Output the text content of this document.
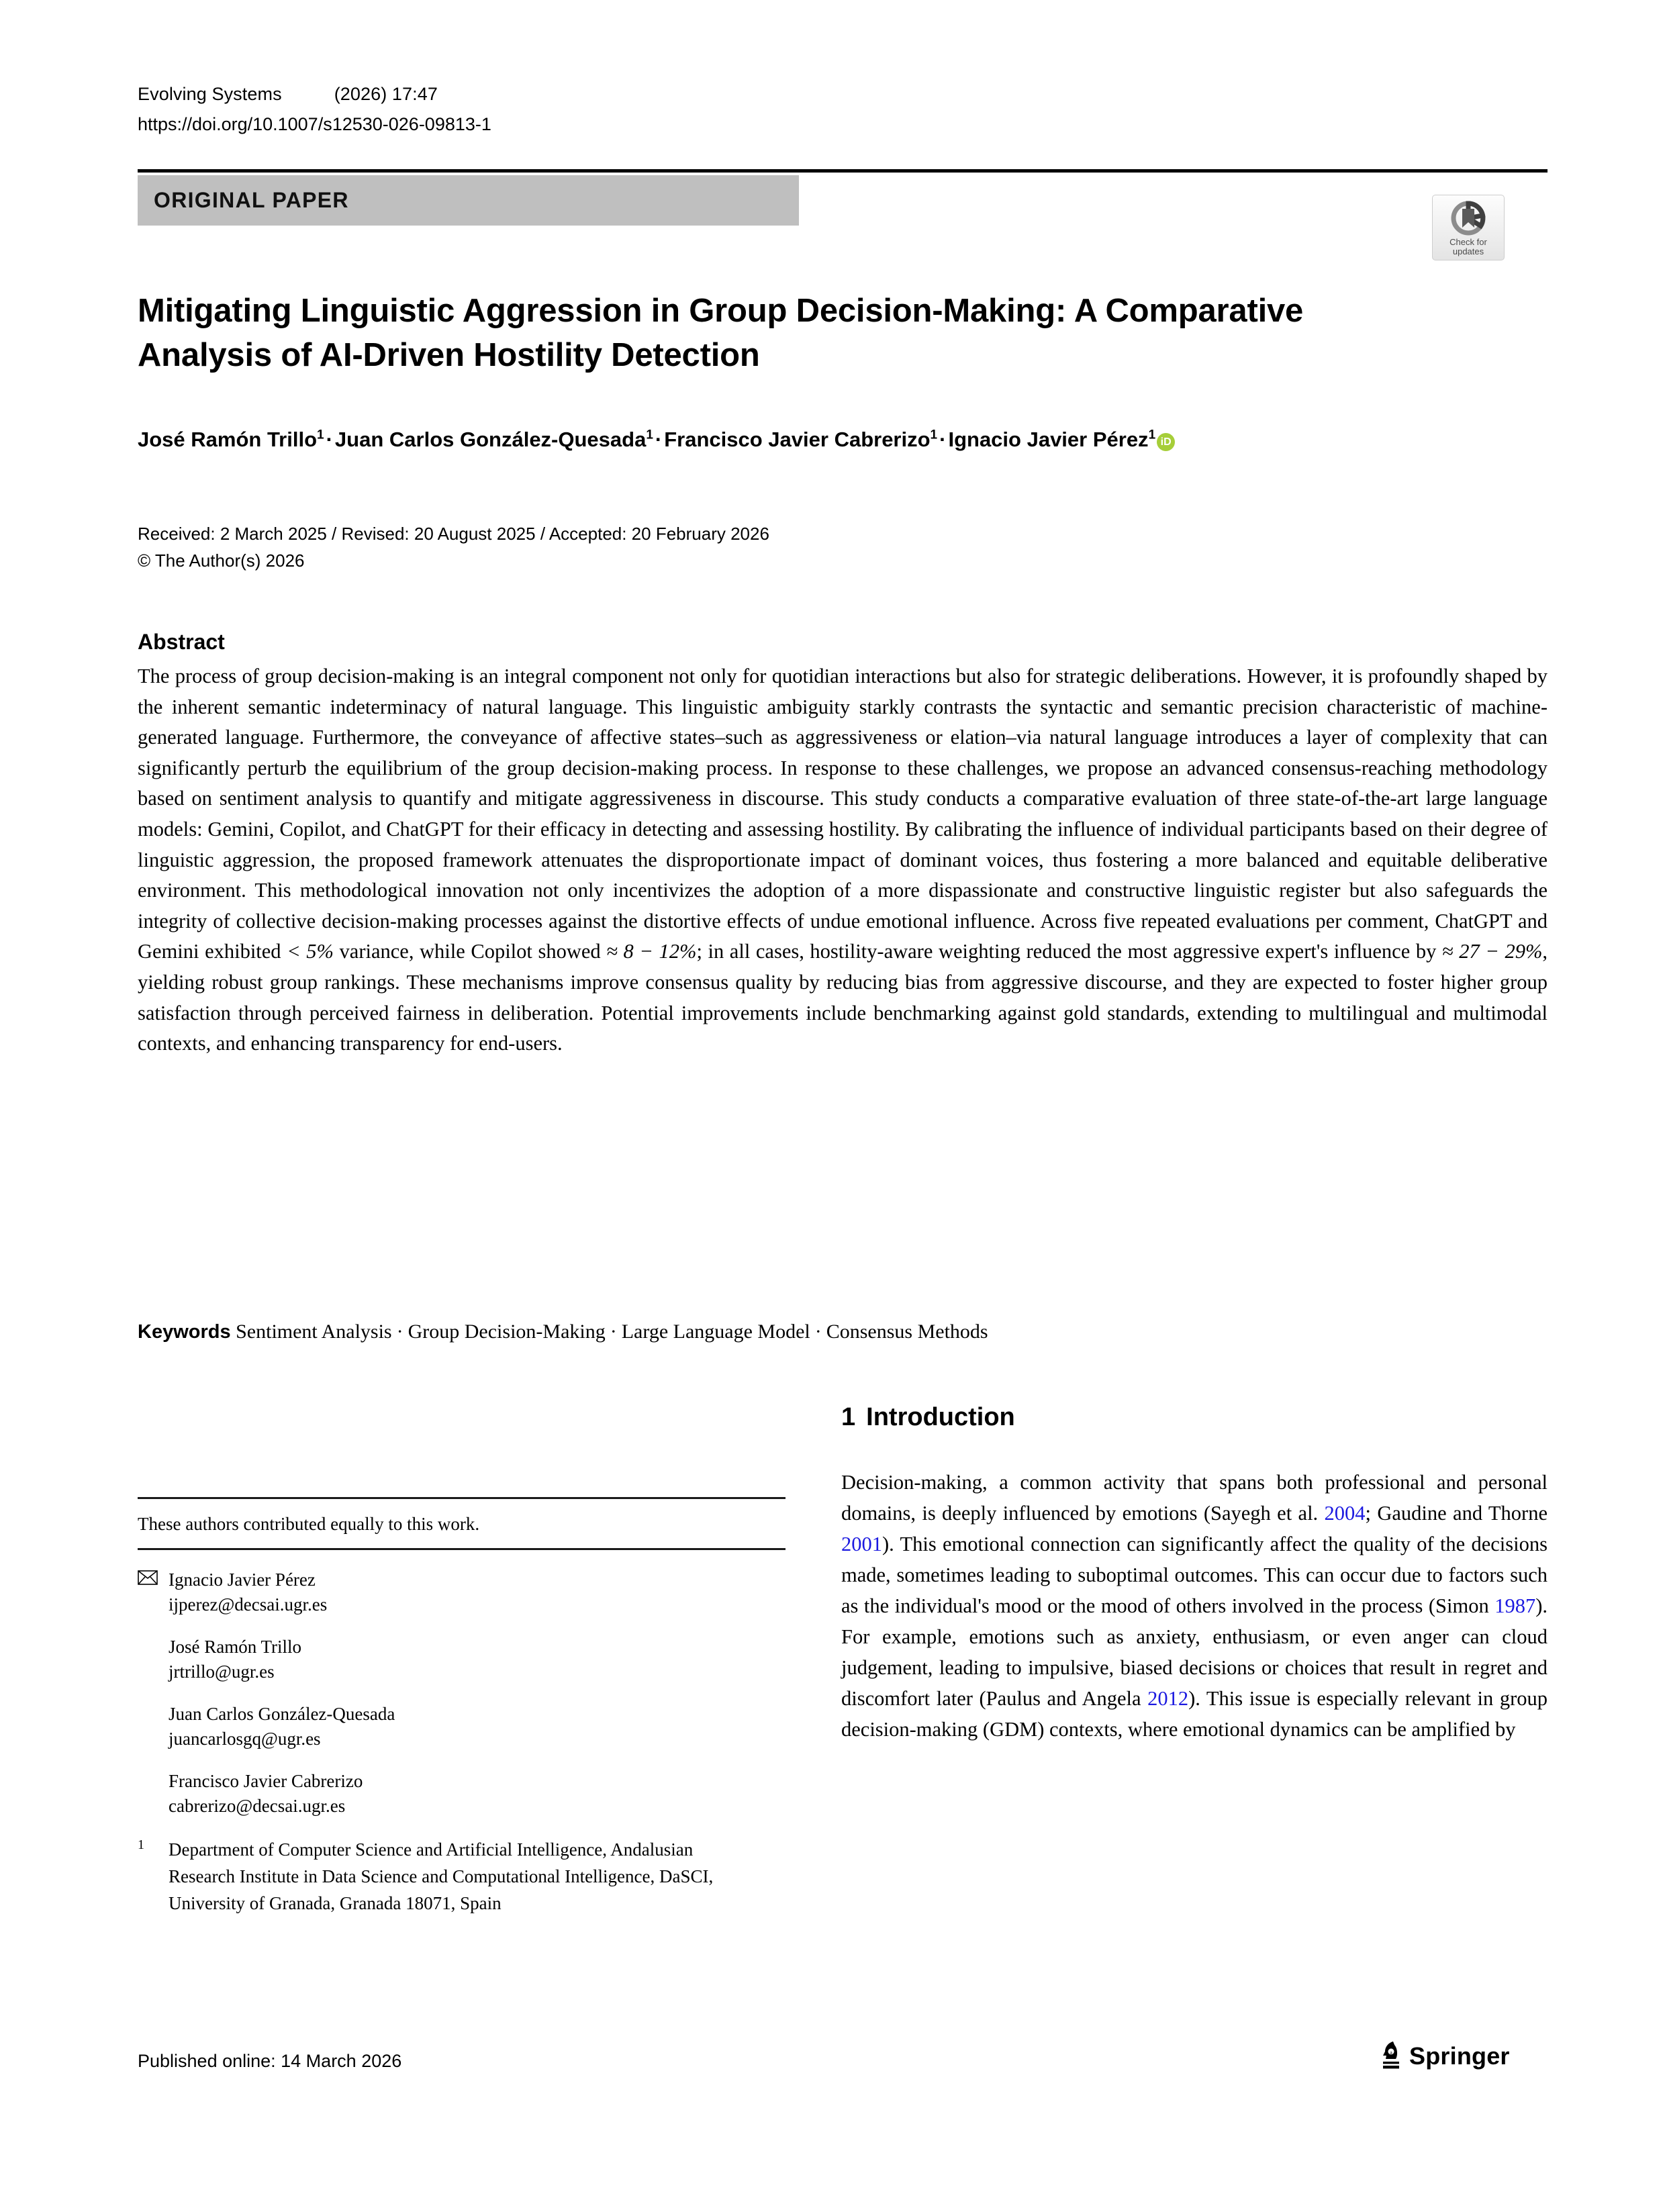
Evolving Systems	(2026) 17:47
https://doi.org/10.1007/s12530-026-09813-1
ORIGINAL PAPER
Check for
updates
Mitigating Linguistic Aggression in Group Decision-Making: A Comparative Analysis of AI-Driven Hostility Detection
José Ramón Trillo$^1$·Juan Carlos González-Quesada$^1$·Francisco Javier Cabrerizo$^1$·Ignacio Javier Pérez$^1$ iD
Received: 2 March 2025 / Revised: 20 August 2025 / Accepted: 20 February 2026
© The Author(s) 2026
Abstract
The process of group decision-making is an integral component not only for quotidian interactions but also for strategic deliberations. However, it is profoundly shaped by the inherent semantic indeterminacy of natural language. This linguistic ambiguity starkly contrasts the syntactic and semantic precision characteristic of machine-generated language. Furthermore, the conveyance of affective states–such as aggressiveness or elation–via natural language introduces a layer of complexity that can significantly perturb the equilibrium of the group decision-making process. In response to these challenges, we propose an advanced consensus-reaching methodology based on sentiment analysis to quantify and mitigate aggressiveness in discourse. This study conducts a comparative evaluation of three state-of-the-art large language models: Gemini, Copilot, and ChatGPT for their efficacy in detecting and assessing hostility. By calibrating the influence of individual participants based on their degree of linguistic aggression, the proposed framework attenuates the disproportionate impact of dominant voices, thus fostering a more balanced and equitable deliberative environment. This methodological innovation not only incentivizes the adoption of a more dispassionate and constructive linguistic register but also safeguards the integrity of collective decision-making processes against the distortive effects of undue emotional influence. Across five repeated evaluations per comment, ChatGPT and Gemini exhibited < 5% variance, while Copilot showed ≈ 8 − 12%; in all cases, hostility-aware weighting reduced the most aggressive expert's influence by ≈ 27 − 29%, yielding robust group rankings. These mechanisms improve consensus quality by reducing bias from aggressive discourse, and they are expected to foster higher group satisfaction through perceived fairness in deliberation. Potential improvements include benchmarking against gold standards, extending to multilingual and multimodal contexts, and enhancing transparency for end-users.
Keywords Sentiment Analysis · Group Decision-Making · Large Language Model · Consensus Methods
These authors contributed equally to this work.
Ignacio Javier Pérez
ijperez@decsai.ugr.es
José Ramón Trillo
jrtrillo@ugr.es
Juan Carlos González-Quesada
juancarlosgq@ugr.es
Francisco Javier Cabrerizo
cabrerizo@decsai.ugr.es
1	Department of Computer Science and Artificial Intelligence, Andalusian Research Institute in Data Science and Computational Intelligence, DaSCI, University of Granada, Granada 18071, Spain
1 Introduction
Decision-making, a common activity that spans both professional and personal domains, is deeply influenced by emotions (Sayegh et al. 2004; Gaudine and Thorne 2001). This emotional connection can significantly affect the quality of the decisions made, sometimes leading to suboptimal outcomes. This can occur due to factors such as the individual's mood or the mood of others involved in the process (Simon 1987). For example, emotions such as anxiety, enthusiasm, or even anger can cloud judgement, leading to impulsive, biased decisions or choices that result in regret and discomfort later (Paulus and Angela 2012). This issue is especially relevant in group decision-making (GDM) contexts, where emotional dynamics can be amplified by
Published online: 14 March 2026	a Springer
